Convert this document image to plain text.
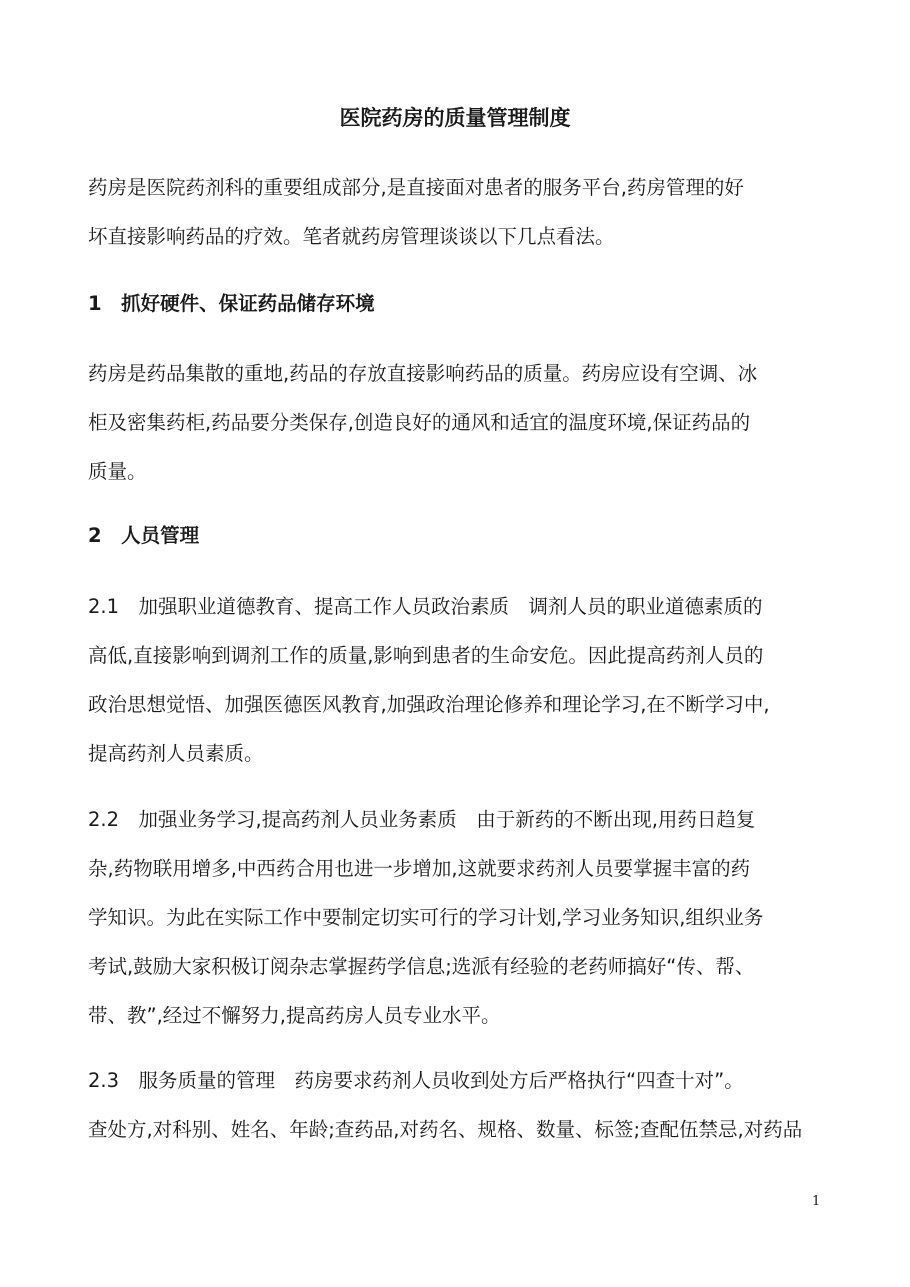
医院药房的质量管理制度
药房是医院药剂科的重要组成部分,是直接面对患者的服务平台,药房管理的好
坏直接影响药品的疗效。笔者就药房管理谈谈以下几点看法。
1　抓好硬件、保证药品储存环境
药房是药品集散的重地,药品的存放直接影响药品的质量。药房应设有空调、冰
柜及密集药柜,药品要分类保存,创造良好的通风和适宜的温度环境,保证药品的
质量。
2　人员管理
2.1　加强职业道德教育、提高工作人员政治素质　调剂人员的职业道德素质的
高低,直接影响到调剂工作的质量,影响到患者的生命安危。因此提高药剂人员的
政治思想觉悟、加强医德医风教育,加强政治理论修养和理论学习,在不断学习中,
提高药剂人员素质。
2.2　加强业务学习,提高药剂人员业务素质　由于新药的不断出现,用药日趋复
杂,药物联用增多,中西药合用也进一步增加,这就要求药剂人员要掌握丰富的药
学知识。为此在实际工作中要制定切实可行的学习计划,学习业务知识,组织业务
考试,鼓励大家积极订阅杂志掌握药学信息;选派有经验的老药师搞好“传、帮、
带、教”,经过不懈努力,提高药房人员专业水平。
2.3　服务质量的管理　药房要求药剂人员收到处方后严格执行“四查十对”。
查处方,对科别、姓名、年龄;查药品,对药名、规格、数量、标签;查配伍禁忌,对药品
1
